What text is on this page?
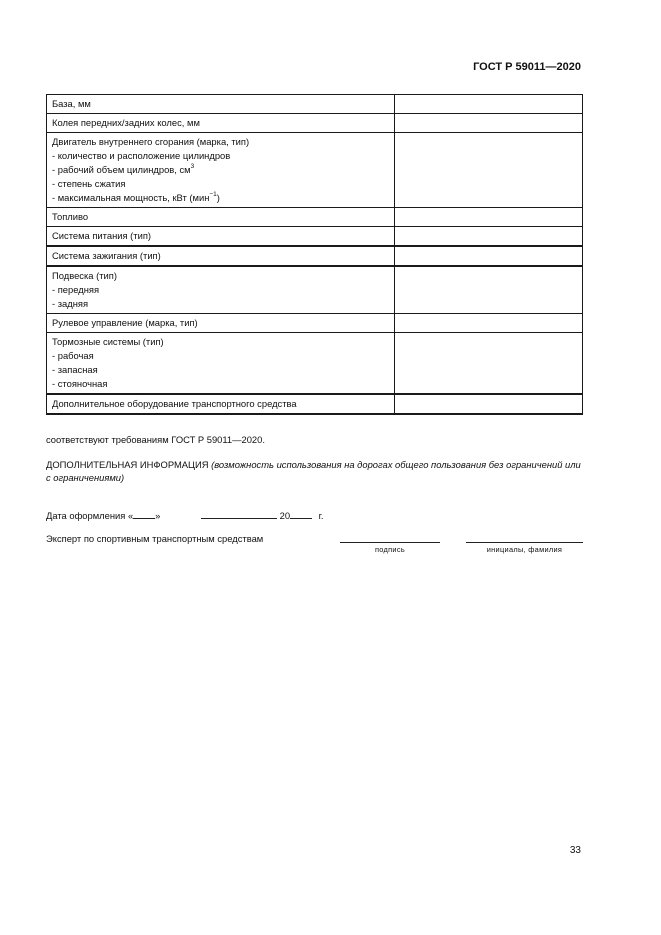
ГОСТ Р 59011—2020
База, мм	

Колея передних/задних колес, мм	

Двигатель внутреннего сгорания (марка, тип)
- количество и расположение цилиндров
- рабочий объем цилиндров, $см^3$
- степень сжатия
- максимальная мощность, кВт (мин$^{-1}$)	

Топливо	

Система питания (тип)	

Система зажигания (тип)	

Подвеска (тип)
- передняя
- задняя	

Рулевое управление (марка, тип)	

Тормозные системы (тип)
- рабочая
- запасная
- стояночная	

Дополнительное оборудование транспортного средства	

соответствуют требованиям ГОСТ Р 59011—2020.
ДОПОЛНИТЕЛЬНАЯ ИНФОРМАЦИЯ (возможность использования на дорогах общего пользования без ограничений или с ограничениями)
Дата оформления « »	20	г.
Эксперт по спортивным транспортным средствам
подпись	инициалы, фамилия
33
